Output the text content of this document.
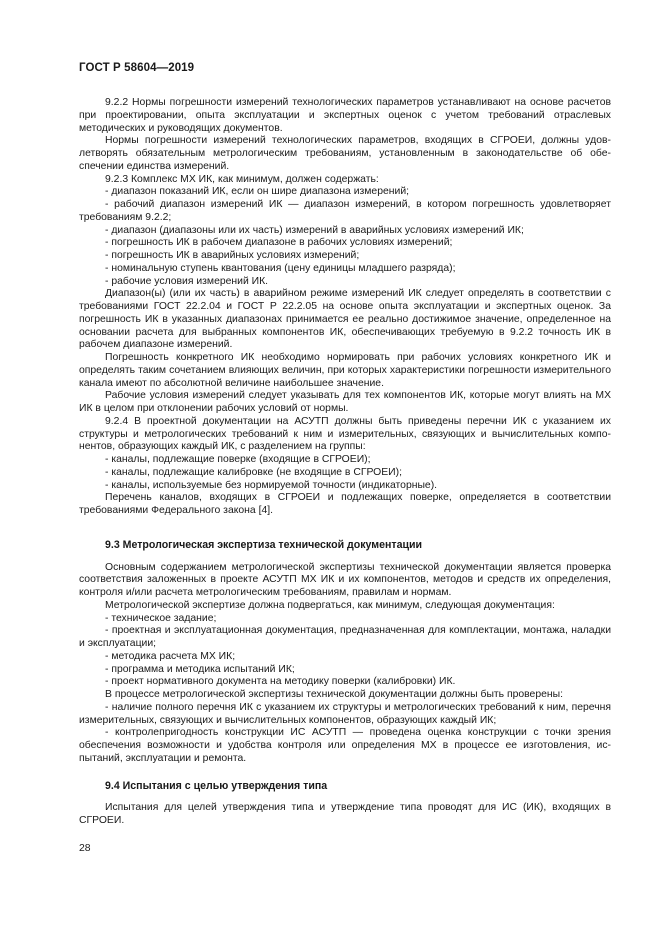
ГОСТ Р 58604—2019

9.2.2 Нормы погрешности измерений технологических параметров устанавливают на основе расчетов при проектировании, опыта эксплуатации и экспертных оценок с учетом требований отраслевых методических и руководящих документов.

Нормы погрешности измерений технологических параметров, входящих в СГРОЕИ, должны удовлетворять обязательным метрологическим требованиям, установленным в законодательстве об обеспечении единства измерений.

9.2.3 Комплекс МХ ИК, как минимум, должен содержать:

- диапазон показаний ИК, если он шире диапазона измерений;

- рабочий диапазон измерений ИК — диапазон измерений, в котором погрешность удовлетворяет требованиям 9.2.2;

- диапазон (диапазоны или их часть) измерений в аварийных условиях измерений ИК;

- погрешность ИК в рабочем диапазоне в рабочих условиях измерений;

- погрешность ИК в аварийных условиях измерений;

- номинальную ступень квантования (цену единицы младшего разряда);

- рабочие условия измерений ИК.

Диапазон(ы) (или их часть) в аварийном режиме измерений ИК следует определять в соответствии с требованиями ГОСТ 22.2.04 и ГОСТ Р 22.2.05 на основе опыта эксплуатации и экспертных оценок. За погрешность ИК в указанных диапазонах принимается ее реально достижимое значение, определенное на основании расчета для выбранных компонентов ИК, обеспечивающих требуемую в 9.2.2 точность ИК в рабочем диапазоне измерений.

Погрешность конкретного ИК необходимо нормировать при рабочих условиях конкретного ИК и определять таким сочетанием влияющих величин, при которых характеристики погрешности измерительного канала имеют по абсолютной величине наибольшее значение.

Рабочие условия измерений следует указывать для тех компонентов ИК, которые могут влиять на МХ ИК в целом при отклонении рабочих условий от нормы.

9.2.4 В проектной документации на АСУТП должны быть приведены перечни ИК с указанием их структуры и метрологических требований к ним и измерительных, связующих и вычислительных компонентов, образующих каждый ИК, с разделением на группы:

- каналы, подлежащие поверке (входящие в СГРОЕИ);

- каналы, подлежащие калибровке (не входящие в СГРОЕИ);

- каналы, используемые без нормируемой точности (индикаторные).

Перечень каналов, входящих в СГРОЕИ и подлежащих поверке, определяется в соответствии требованиями Федерального закона [4].

9.3 Метрологическая экспертиза технической документации

Основным содержанием метрологической экспертизы технической документации является проверка соответствия заложенных в проекте АСУТП МХ ИК и их компонентов, методов и средств их определения, контроля и/или расчета метрологическим требованиям, правилам и нормам.

Метрологической экспертизе должна подвергаться, как минимум, следующая документация:

- техническое задание;

- проектная и эксплуатационная документация, предназначенная для комплектации, монтажа, наладки и эксплуатации;

- методика расчета МХ ИК;

- программа и методика испытаний ИК;

- проект нормативного документа на методику поверки (калибровки) ИК.

В процессе метрологической экспертизы технической документации должны быть проверены:

- наличие полного перечня ИК с указанием их структуры и метрологических требований к ним, перечня измерительных, связующих и вычислительных компонентов, образующих каждый ИК;

- контролепригодность конструкции ИС АСУТП — проведена оценка конструкции с точки зрения обеспечения возможности и удобства контроля или определения МХ в процессе ее изготовления, испытаний, эксплуатации и ремонта.

9.4 Испытания с целью утверждения типа

Испытания для целей утверждения типа и утверждение типа проводят для ИС (ИК), входящих в СГРОЕИ.

28
